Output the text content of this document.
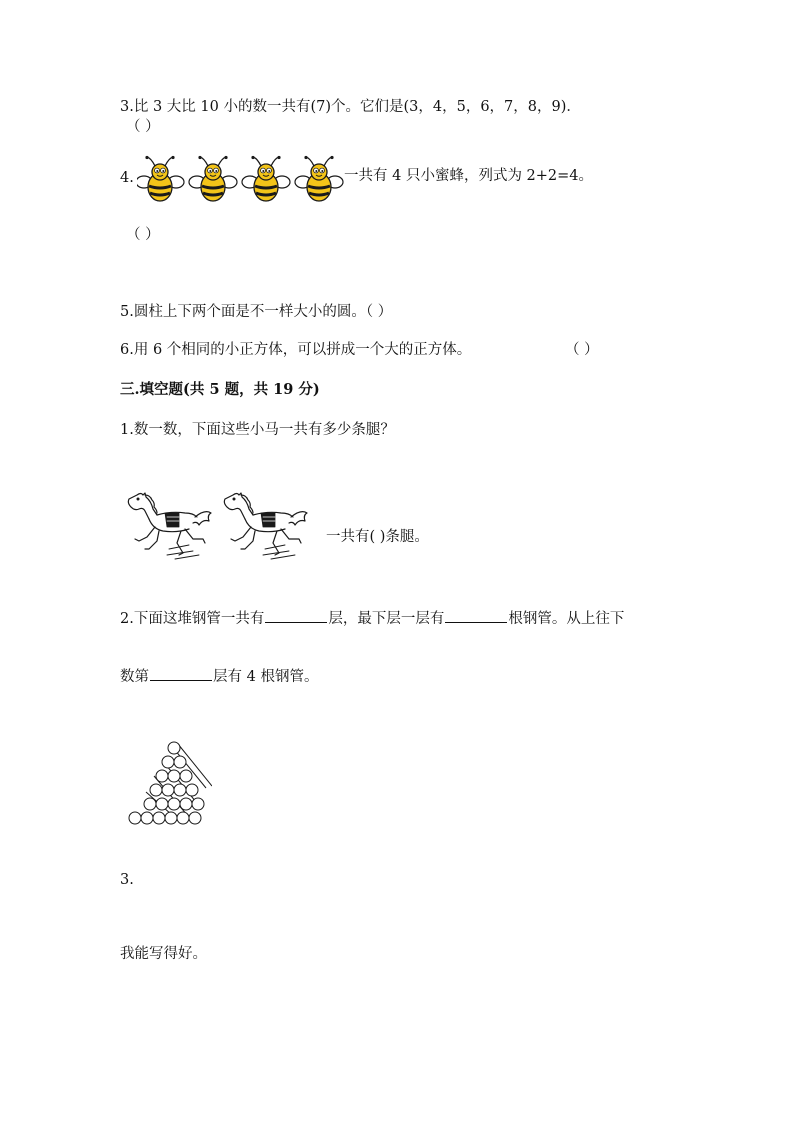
3.比 3 大比 10 小的数一共有(7)个。它们是(3，4，5，6，7，8，9)．
（ ）
4.	一共有 4 只小蜜蜂，列式为 2+2=4。
（ ）
5.圆柱上下两个面是不一样大小的圆。（ ）
6.用 6 个相同的小正方体，可以拼成一个大的正方体。	（ ）
三.填空题(共 5 题，共 19 分)
1.数一数，下面这些小马一共有多少条腿？
一共有( )条腿。
2.下面这堆钢管一共有	层，最下层一层有	根钢管。从上往下
数第	层有 4 根钢管。
3.
我能写得好。
